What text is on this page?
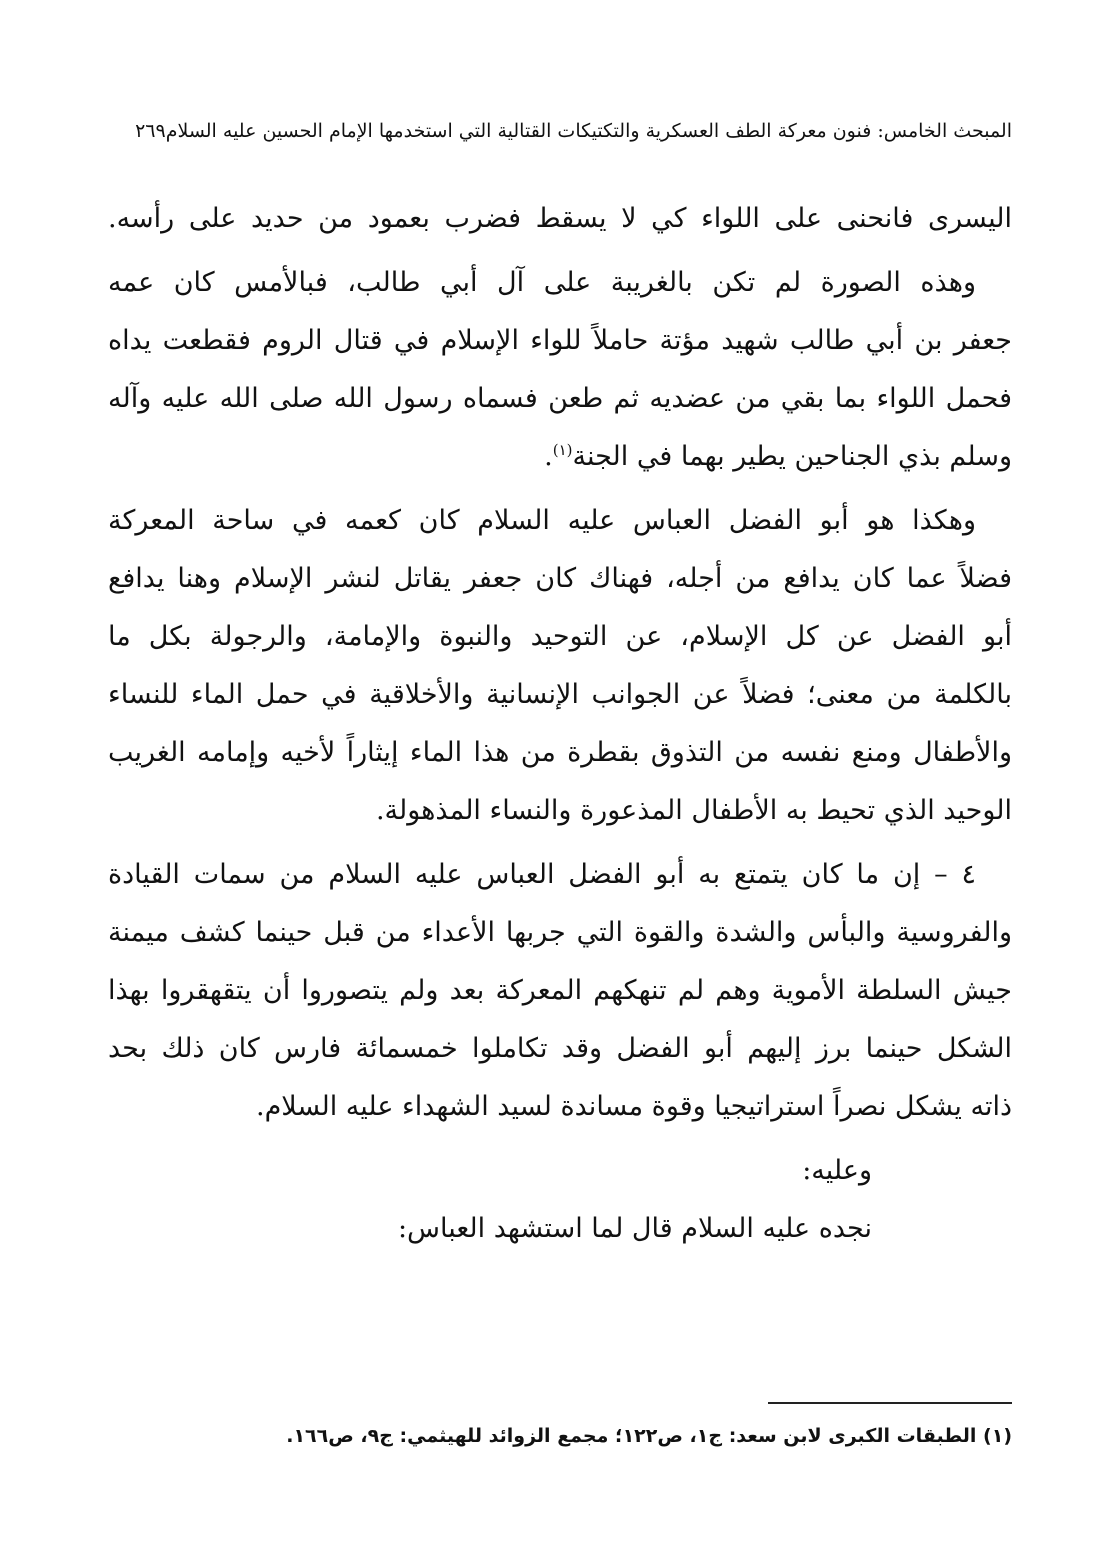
المبحث الخامس: فنون معركة الطف العسكرية والتكتيكات القتالية التي استخدمها الإمام الحسين عليه السلام٢٦٩
اليسرى فانحنى على اللواء كي لا يسقط فضرب بعمود من حديد على رأسه.
وهذه الصورة لم تكن بالغريبة على آل أبي طالب، فبالأمس كان عمه
جعفر بن أبي طالب شهيد مؤتة حاملاً للواء الإسلام في قتال الروم فقطعت يداه
فحمل اللواء بما بقي من عضديه ثم طعن فسماه رسول الله صلى الله عليه وآله
وسلم بذي الجناحين يطير بهما في الجنة$^{(١)}$.
وهكذا هو أبو الفضل العباس عليه السلام كان كعمه في ساحة المعركة
فضلاً عما كان يدافع من أجله، فهناك كان جعفر يقاتل لنشر الإسلام وهنا يدافع
أبو الفضل عن كل الإسلام، عن التوحيد والنبوة والإمامة، والرجولة بكل ما
بالكلمة من معنى؛ فضلاً عن الجوانب الإنسانية والأخلاقية في حمل الماء للنساء
والأطفال ومنع نفسه من التذوق بقطرة من هذا الماء إيثاراً لأخيه وإمامه الغريب
الوحيد الذي تحيط به الأطفال المذعورة والنساء المذهولة.
٤ – إن ما كان يتمتع به أبو الفضل العباس عليه السلام من سمات القيادة
والفروسية والبأس والشدة والقوة التي جربها الأعداء من قبل حينما كشف ميمنة
جيش السلطة الأموية وهم لم تنهكهم المعركة بعد ولم يتصوروا أن يتقهقروا بهذا
الشكل حينما برز إليهم أبو الفضل وقد تكاملوا خمسمائة فارس كان ذلك بحد
ذاته يشكل نصراً استراتيجيا وقوة مساندة لسيد الشهداء عليه السلام.
وعليه:
نجده عليه السلام قال لما استشهد العباس:
(١) الطبقات الكبرى لابن سعد: ج١، ص١٢٢؛ مجمع الزوائد للهيثمي: ج٩، ص١٦٦.
